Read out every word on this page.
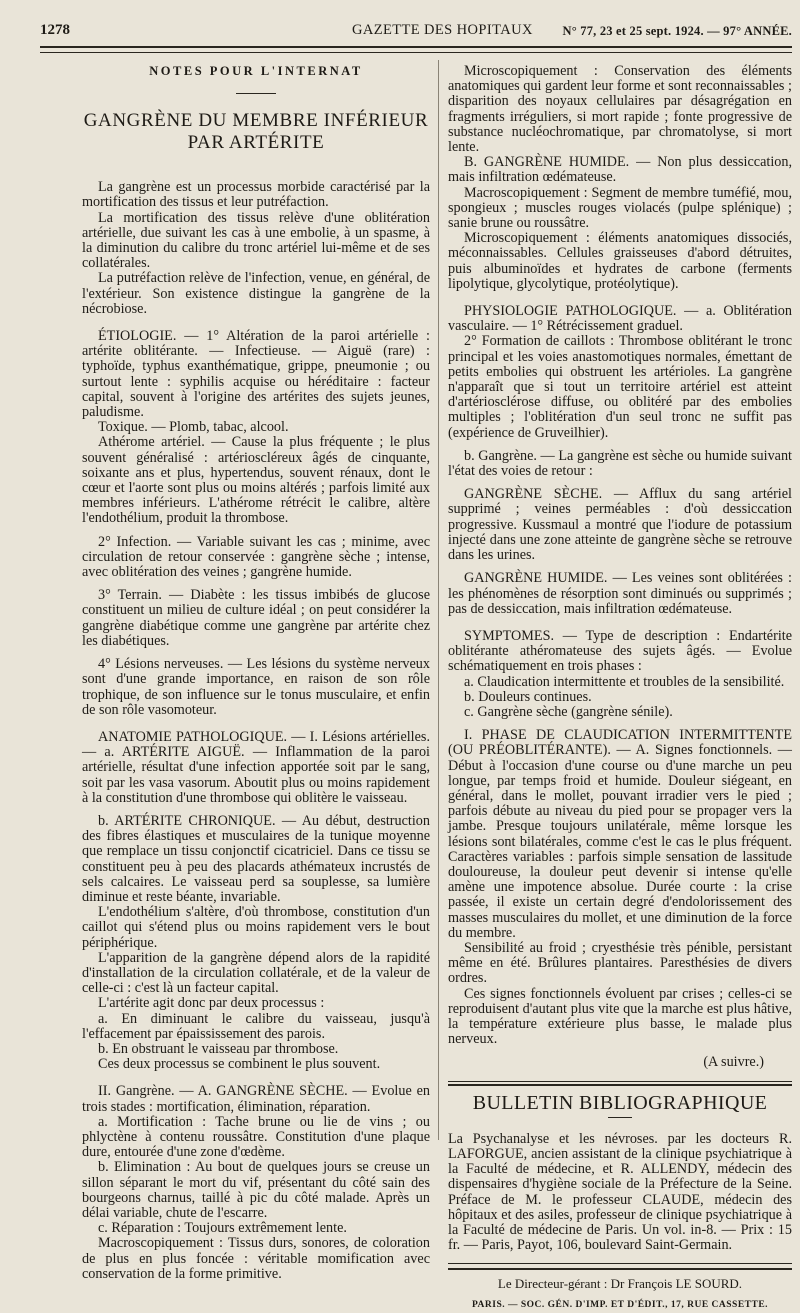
1278	GAZETTE DES HOPITAUX N° 77, 23 et 25 sept. 1924. — 97° ANNÉE.
NOTES POUR L'INTERNAT
GANGRÈNE DU MEMBRE INFÉRIEUR PAR ARTÉRITE

La gangrène est un processus morbide caractérisé par la mortification des tissus et leur putréfaction.

La mortification des tissus relève d'une oblitération artérielle, due suivant les cas à une embolie, à un spasme, à la diminution du calibre du tronc artériel lui-même et de ses collatérales.

La putréfaction relève de l'infection, venue, en général, de l'extérieur. Son existence distingue la gangrène de la nécrobiose.

ÉTIOLOGIE. — 1° Altération de la paroi artérielle : artérite oblitérante. — Infectieuse. — Aiguë (rare) : typhoïde, typhus exanthématique, grippe, pneumonie ; ou surtout lente : syphilis acquise ou héréditaire : facteur capital, souvent à l'origine des artérites des sujets jeunes, paludisme.

Toxique. — Plomb, tabac, alcool.

Athérome artériel. — Cause la plus fréquente ; le plus souvent généralisé : artérioscléreux âgés de cinquante, soixante ans et plus, hypertendus, souvent rénaux, dont le cœur et l'aorte sont plus ou moins altérés ; parfois limité aux membres inférieurs. L'athérome rétrécit le calibre, altère l'endothélium, produit la thrombose.

2° Infection. — Variable suivant les cas ; minime, avec circulation de retour conservée : gangrène sèche ; intense, avec oblitération des veines ; gangrène humide.

3° Terrain. — Diabète : les tissus imbibés de glucose constituent un milieu de culture idéal ; on peut considérer la gangrène diabétique comme une gangrène par artérite chez les diabétiques.

4° Lésions nerveuses. — Les lésions du système nerveux sont d'une grande importance, en raison de son rôle trophique, de son influence sur le tonus musculaire, et enfin de son rôle vasomoteur.

ANATOMIE PATHOLOGIQUE. — I. Lésions artérielles. — a. ARTÉRITE AIGUË. — Inflammation de la paroi artérielle, résultat d'une infection apportée soit par le sang, soit par les vasa vasorum. Aboutit plus ou moins rapidement à la constitution d'une thrombose qui oblitère le vaisseau.

b. ARTÉRITE CHRONIQUE. — Au début, destruction des fibres élastiques et musculaires de la tunique moyenne que remplace un tissu conjonctif cicatriciel. Dans ce tissu se constituent peu à peu des placards athémateux incrustés de sels calcaires. Le vaisseau perd sa souplesse, sa lumière diminue et reste béante, invariable.

L'endothélium s'altère, d'où thrombose, constitution d'un caillot qui s'étend plus ou moins rapidement vers le bout périphérique.

L'apparition de la gangrène dépend alors de la rapidité d'installation de la circulation collatérale, et de la valeur de celle-ci : c'est là un facteur capital.

L'artérite agit donc par deux processus :

a. En diminuant le calibre du vaisseau, jusqu'à l'effacement par épaississement des parois.

b. En obstruant le vaisseau par thrombose.

Ces deux processus se combinent le plus souvent.

II. Gangrène. — A. GANGRÈNE SÈCHE. — Evolue en trois stades : mortification, élimination, réparation.

a. Mortification : Tache brune ou lie de vins ; ou phlyctène à contenu roussâtre. Constitution d'une plaque dure, entourée d'une zone d'œdème.

b. Elimination : Au bout de quelques jours se creuse un sillon séparant le mort du vif, présentant du côté sain des bourgeons charnus, taillé à pic du côté malade. Après un délai variable, chute de l'escarre.

c. Réparation : Toujours extrêmement lente.

Macroscopiquement : Tissus durs, sonores, de coloration de plus en plus foncée : véritable momification avec conservation de la forme primitive.

Microscopiquement : Conservation des éléments anatomiques qui gardent leur forme et sont reconnaissables ; disparition des noyaux cellulaires par désagrégation en fragments irréguliers, si mort rapide ; fonte progressive de substance nucléochromatique, par chromatolyse, si mort lente.

B. GANGRÈNE HUMIDE. — Non plus dessiccation, mais infiltration œdémateuse.

Macroscopiquement : Segment de membre tuméfié, mou, spongieux ; muscles rouges violacés (pulpe splénique) ; sanie brune ou roussâtre.

Microscopiquement : éléments anatomiques dissociés, méconnaissables. Cellules graisseuses d'abord détruites, puis albuminoïdes et hydrates de carbone (ferments lipolytique, glycolytique, protéolytique).

PHYSIOLOGIE PATHOLOGIQUE. — a. Oblitération vasculaire. — 1° Rétrécissement graduel.

2° Formation de caillots : Thrombose oblitérant le tronc principal et les voies anastomotiques normales, émettant de petits embolies qui obstruent les artérioles. La gangrène n'apparaît que si tout un territoire artériel est atteint d'artériosclérose diffuse, ou oblitéré par des embolies multiples ; l'oblitération d'un seul tronc ne suffit pas (expérience de Gruveilhier).

b. Gangrène. — La gangrène est sèche ou humide suivant l'état des voies de retour :

GANGRÈNE SÈCHE. — Afflux du sang artériel supprimé ; veines perméables : d'où dessiccation progressive. Kussmaul a montré que l'iodure de potassium injecté dans une zone atteinte de gangrène sèche se retrouve dans les urines.

GANGRÈNE HUMIDE. — Les veines sont oblitérées : les phénomènes de résorption sont diminués ou supprimés ; pas de dessiccation, mais infiltration œdémateuse.

SYMPTOMES. — Type de description : Endartérite oblitérante athéromateuse des sujets âgés. — Evolue schématiquement en trois phases :

a. Claudication intermittente et troubles de la sensibilité.

b. Douleurs continues.

c. Gangrène sèche (gangrène sénile).

I. PHASE DE CLAUDICATION INTERMITTENTE (OU PRÉOBLITÉRANTE). — A. Signes fonctionnels. — Début à l'occasion d'une course ou d'une marche un peu longue, par temps froid et humide. Douleur siégeant, en général, dans le mollet, pouvant irradier vers le pied ; parfois débute au niveau du pied pour se propager vers la jambe. Presque toujours unilatérale, même lorsque les lésions sont bilatérales, comme c'est le cas le plus fréquent. Caractères variables : parfois simple sensation de lassitude douloureuse, la douleur peut devenir si intense qu'elle amène une impotence absolue. Durée courte : la crise passée, il existe un certain degré d'endolorissement des masses musculaires du mollet, et une diminution de la force du membre.

Sensibilité au froid ; cryesthésie très pénible, persistant même en été. Brûlures plantaires. Paresthésies de divers ordres.

Ces signes fonctionnels évoluent par crises ; celles-ci se reproduisent d'autant plus vite que la marche est plus hâtive, la température extérieure plus basse, le malade plus nerveux.

(A suivre.)

BULLETIN BIBLIOGRAPHIQUE

La Psychanalyse et les névroses. par les docteurs R. LAFORGUE, ancien assistant de la clinique psychiatrique à la Faculté de médecine, et R. ALLENDY, médecin des dispensaires d'hygiène sociale de la Préfecture de la Seine. Préface de M. le professeur CLAUDE, médecin des hôpitaux et des asiles, professeur de clinique psychiatrique à la Faculté de médecine de Paris. Un vol. in-8. — Prix : 15 fr. — Paris, Payot, 106, boulevard Saint-Germain.

Le Directeur-gérant : Dr François LE SOURD.
PARIS. — SOC. GÉN. D'IMP. ET D'ÉDIT., 17, RUE CASSETTE.
